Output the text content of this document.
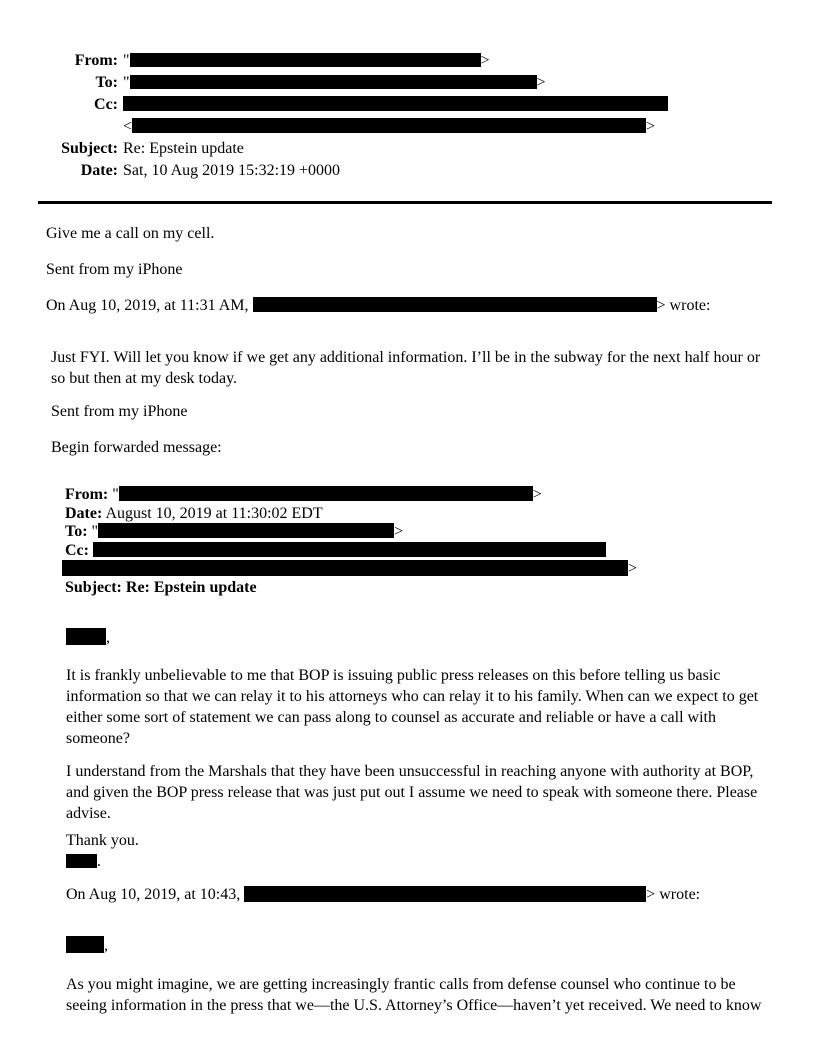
From: "	>
To: "	>
Cc:
<	>
Subject: Re: Epstein update
Date: Sat, 10 Aug 2019 15:32:19 +0000

Give me a call on my cell.

Sent from my iPhone

On Aug 10, 2019, at 11:31 AM,	> wrote:

Just FYI. Will let you know if we get any additional information. I’ll be in the subway for the next half hour or so but then at my desk today.

Sent from my iPhone

Begin forwarded message:

From: "	>
Date: August 10, 2019 at 11:30:02 EDT
To: "	>
Cc:
>
Subject: Re: Epstein update

,

It is frankly unbelievable to me that BOP is issuing public press releases on this before telling us basic information so that we can relay it to his attorneys who can relay it to his family. When can we expect to get either some sort of statement we can pass along to counsel as accurate and reliable or have a call with someone?

I understand from the Marshals that they have been unsuccessful in reaching anyone with authority at BOP, and given the BOP press release that was just put out I assume we need to speak with someone there. Please advise.

Thank you.
.

On Aug 10, 2019, at 10:43,	> wrote:

,

As you might imagine, we are getting increasingly frantic calls from defense counsel who continue to be seeing information in the press that we—the U.S. Attorney’s Office—haven’t yet received. We need to know
